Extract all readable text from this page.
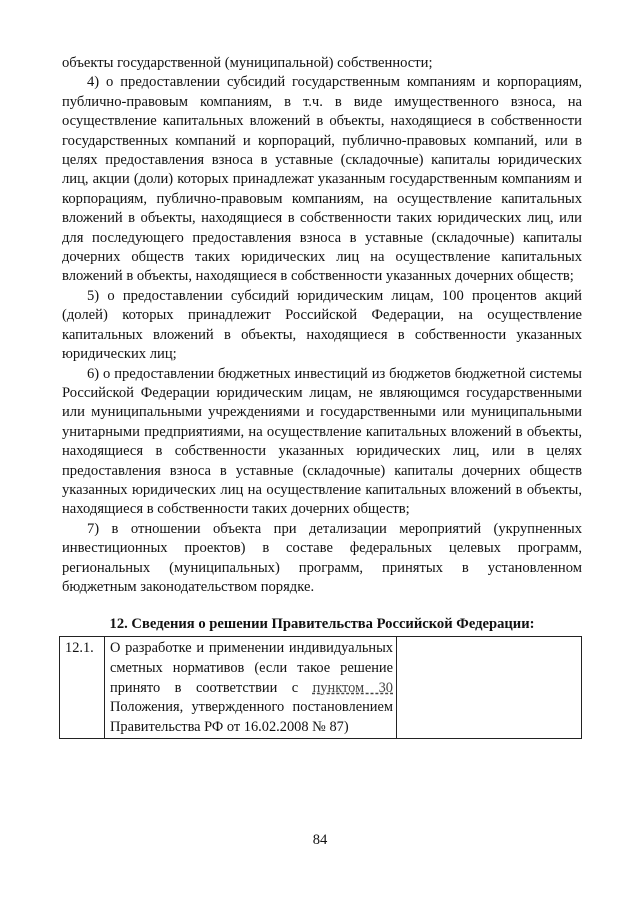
объекты государственной (муниципальной) собственности;

4) о предоставлении субсидий государственным компаниям и корпорациям, публично-правовым компаниям, в т.ч. в виде имущественного взноса, на осуществление капитальных вложений в объекты, находящиеся в собственности государственных компаний и корпораций, публично-правовых компаний, или в целях предоставления взноса в уставные (складочные) капиталы юридических лиц, акции (доли) которых принадлежат указанным государственным компаниям и корпорациям, публично-правовым компаниям, на осуществление капитальных вложений в объекты, находящиеся в собственности таких юридических лиц, или для последующего предоставления взноса в уставные (складочные) капиталы дочерних обществ таких юридических лиц на осуществление капитальных вложений в объекты, находящиеся в собственности указанных дочерних обществ;

5) о предоставлении субсидий юридическим лицам, 100 процентов акций (долей) которых принадлежит Российской Федерации, на осуществление капитальных вложений в объекты, находящиеся в собственности указанных юридических лиц;

6) о предоставлении бюджетных инвестиций из бюджетов бюджетной системы Российской Федерации юридическим лицам, не являющимся государственными или муниципальными учреждениями и государственными или муниципальными унитарными предприятиями, на осуществление капитальных вложений в объекты, находящиеся в собственности указанных юридических лиц, или в целях предоставления взноса в уставные (складочные) капиталы дочерних обществ указанных юридических лиц на осуществление капитальных вложений в объекты, находящиеся в собственности таких дочерних обществ;

7) в отношении объекта при детализации мероприятий (укрупненных инвестиционных проектов) в составе федеральных целевых программ, региональных (муниципальных) программ, принятых в установленном бюджетным законодательством порядке.

12. Сведения о решении Правительства Российской Федерации:

12.1.	О разработке и применении индивидуальных сметных нормативов (если такое решение принято в соответствии с пунктом 30 Положения, утвержденного постановлением Правительства РФ от 16.02.2008 № 87)	
84
